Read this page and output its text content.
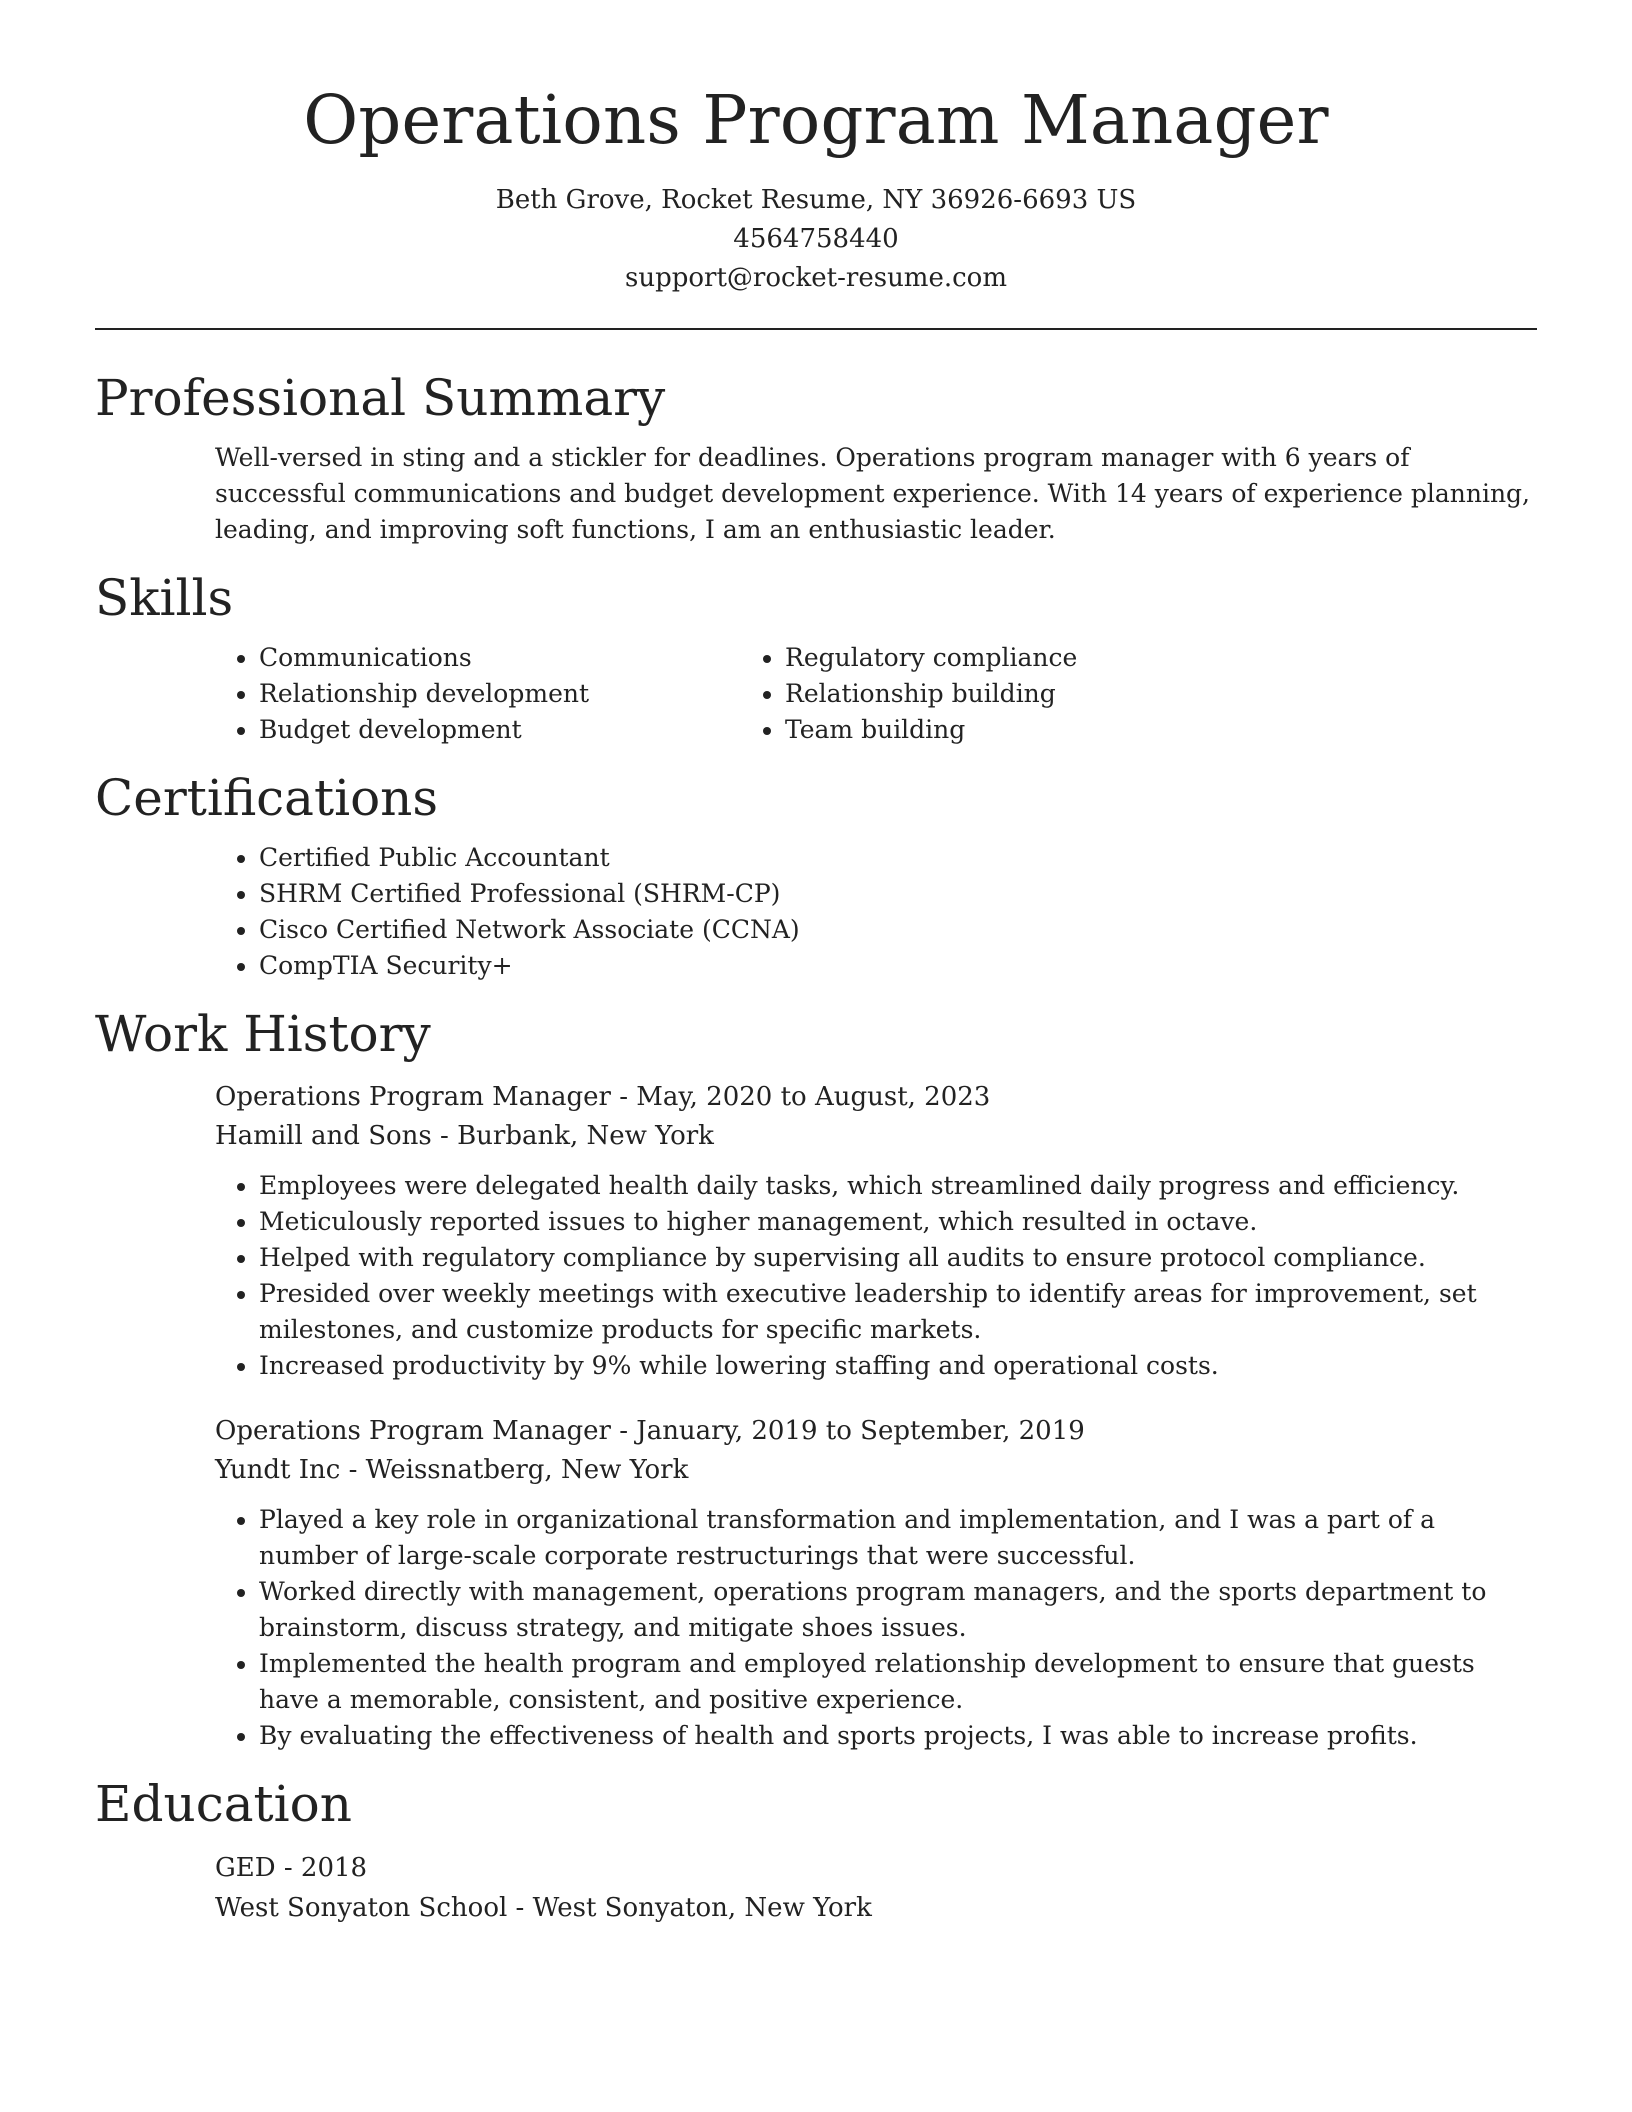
Operations Program Manager
Beth Grove, Rocket Resume, NY 36926-6693 US
4564758440
support@rocket-resume.com
Professional Summary

Well-versed in sting and a stickler for deadlines. Operations program manager with 6 years of successful communications and budget development experience. With 14 years of experience planning, leading, and improving soft functions, I am an enthusiastic leader.

Skills
• Communications
• Relationship development
• Budget development
• Regulatory compliance
• Relationship building
• Team building
Certifications
• Certified Public Accountant
• SHRM Certified Professional (SHRM-CP)
• Cisco Certified Network Associate (CCNA)
• CompTIA Security+
Work History
Operations Program Manager - May, 2020 to August, 2023
Hamill and Sons - Burbank, New York
• Employees were delegated health daily tasks, which streamlined daily progress and efficiency.
• Meticulously reported issues to higher management, which resulted in octave.
• Helped with regulatory compliance by supervising all audits to ensure protocol compliance.
• Presided over weekly meetings with executive leadership to identify areas for improvement, set milestones, and customize products for specific markets.
• Increased productivity by 9% while lowering staffing and operational costs.
Operations Program Manager - January, 2019 to September, 2019
Yundt Inc - Weissnatberg, New York
• Played a key role in organizational transformation and implementation, and I was a part of a number of large-scale corporate restructurings that were successful.
• Worked directly with management, operations program managers, and the sports department to brainstorm, discuss strategy, and mitigate shoes issues.
• Implemented the health program and employed relationship development to ensure that guests have a memorable, consistent, and positive experience.
• By evaluating the effectiveness of health and sports projects, I was able to increase profits.
Education
GED - 2018
West Sonyaton School - West Sonyaton, New York
